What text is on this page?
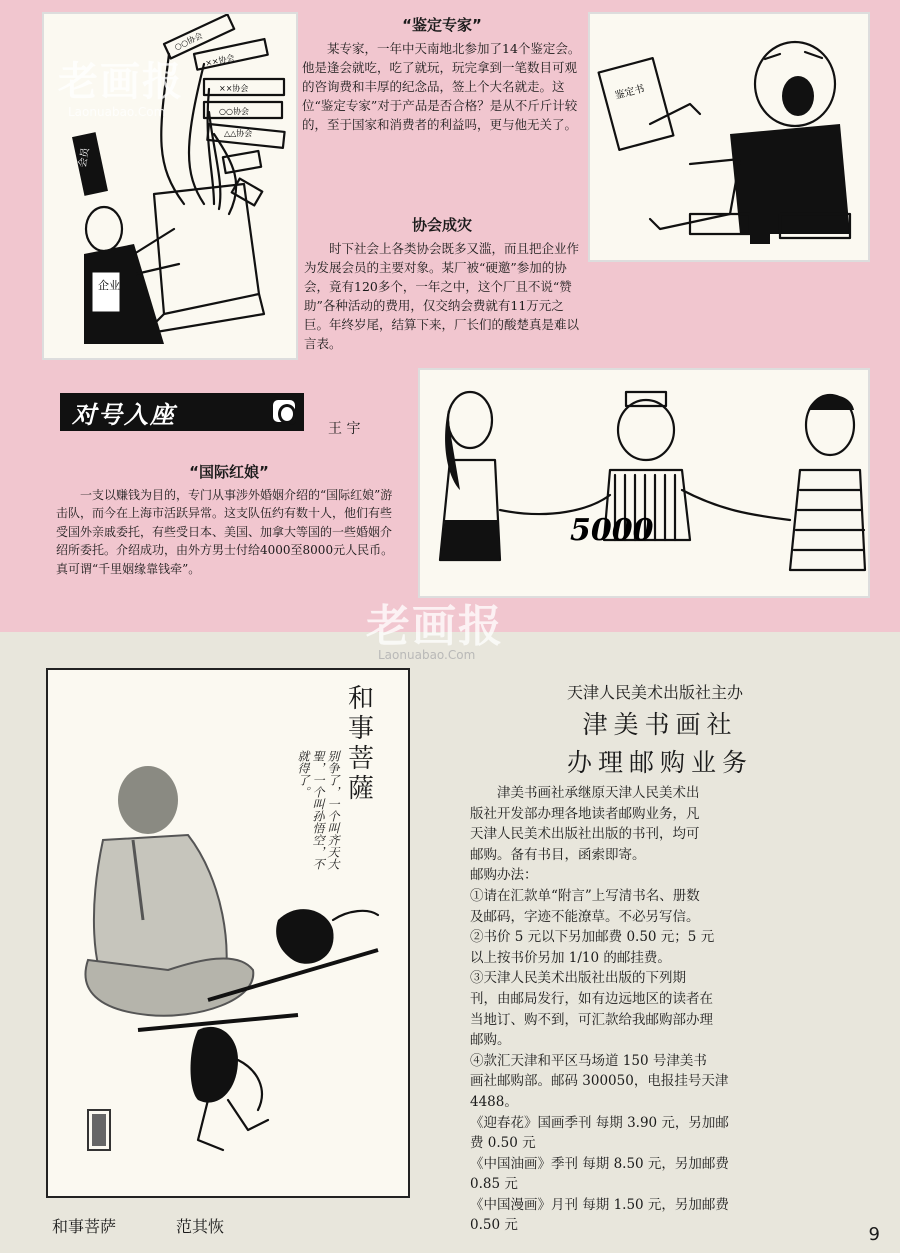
○○协会
××协会
××协会
○○协会
△△协会
会员
企业
“鉴定专家”
某专家，一年中天南地北参加了14个鉴定会。他是逢会就吃，吃了就玩，玩完拿到一笔数目可观的咨询费和丰厚的纪念品，签上个大名就走。这位“鉴定专家”对于产品是否合格？是从不斤斤计较的，至于国家和消费者的利益吗，更与他无关了。
鉴定书
协会成灾
时下社会上各类协会既多又滥，而且把企业作为发展会员的主要对象。某厂被“硬邀”参加的协会，竟有120多个，一年之中，这个厂且不说“赞助”各种活动的费用，仅交纳会费就有11万元之巨。年终岁尾，结算下来，厂长们的酸楚真是难以言表。
对号入座
王 宇
“国际红娘”
一支以赚钱为目的，专门从事涉外婚姻介绍的“国际红娘”游击队，而今在上海市活跃异常。这支队伍约有数十人，他们有些受国外亲戚委托，有些受日本、美国、加拿大等国的一些婚姻介绍所委托。介绍成功，由外方男士付给4000至8000元人民币。真可谓“千里姻缘靠钱牵”。
5000
老画报
Laonuabao.Com
老画报
Laonuabao.Com
和事菩薩
别争了，一个叫齐天大聖，一个叫孙悟空，不就得了。
和事菩萨	范其恢
天津人民美术出版社主办
津美书画社
办理邮购业务

　　津美书画社承继原天津人民美术出

版社开发部办理各地读者邮购业务，凡

天津人民美术出版社出版的书刊，均可

邮购。备有书目，函索即寄。

邮购办法：

①请在汇款单“附言”上写清书名、册数

及邮码，字迹不能潦草。不必另写信。

②书价 5 元以下另加邮费 0.50 元；5 元

以上按书价另加 1/10 的邮挂费。

③天津人民美术出版社出版的下列期

刊，由邮局发行，如有边远地区的读者在

当地订、购不到，可汇款给我邮购部办理

邮购。

④款汇天津和平区马场道 150 号津美书

画社邮购部。邮码 300050，电报挂号天津

4488。

《迎春花》国画季刊 每期 3.90 元，另加邮

费 0.50 元

《中国油画》季刊 每期 8.50 元，另加邮费

0.85 元

《中国漫画》月刊 每期 1.50 元，另加邮费

0.50 元	9
